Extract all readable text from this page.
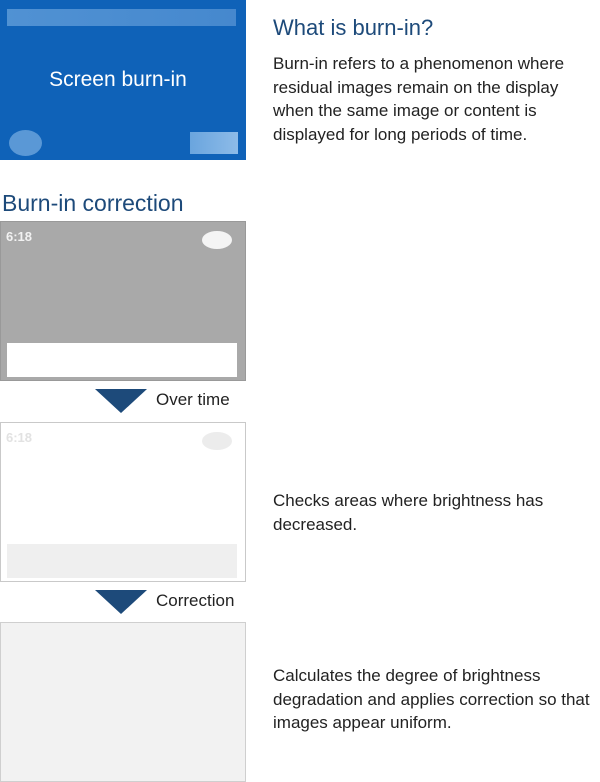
Screen burn-in
What is burn-in?
Burn-in refers to a phenomenon where residual images remain on the display when the same image or content is displayed for long periods of time.
Burn-in correction
6:18
Over time
6:18
Checks areas where brightness has decreased.
Correction
Calculates the degree of brightness degradation and applies correction so that images appear uniform.
